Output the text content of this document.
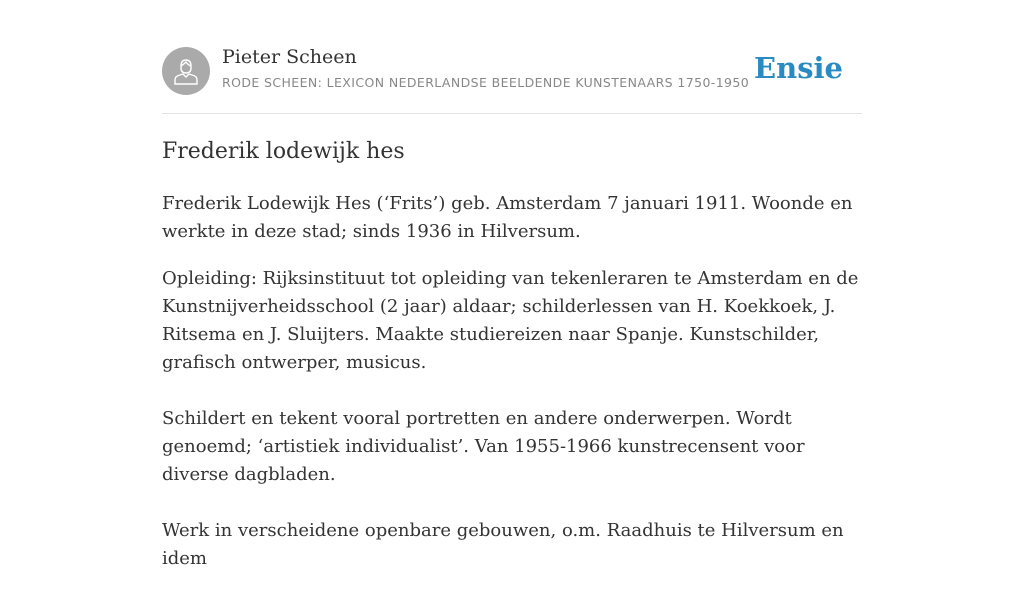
Pieter Scheen
RODE SCHEEN: LEXICON NEDERLANDSE BEELDENDE KUNSTENAARS 1750-1950 Ensie
Frederik lodewijk hes

Frederik Lodewijk Hes (‘Frits’) geb. Amsterdam 7 januari 1911. Woonde en werkte in deze stad; sinds 1936 in Hilversum.

Opleiding: Rijksinstituut tot opleiding van tekenleraren te Amsterdam en de Kunstnijverheidsschool (2 jaar) aldaar; schilderlessen van H. Koekkoek, J. Ritsema en J. Sluijters. Maakte studiereizen naar Spanje. Kunstschilder, grafisch ontwerper, musicus.

Schildert en tekent vooral portretten en andere onderwerpen. Wordt genoemd; ‘artistiek individualist’. Van 1955-1966 kunstrecensent voor diverse dagbladen.

Werk in verscheidene openbare gebouwen, o.m. Raadhuis te Hilversum en idem
